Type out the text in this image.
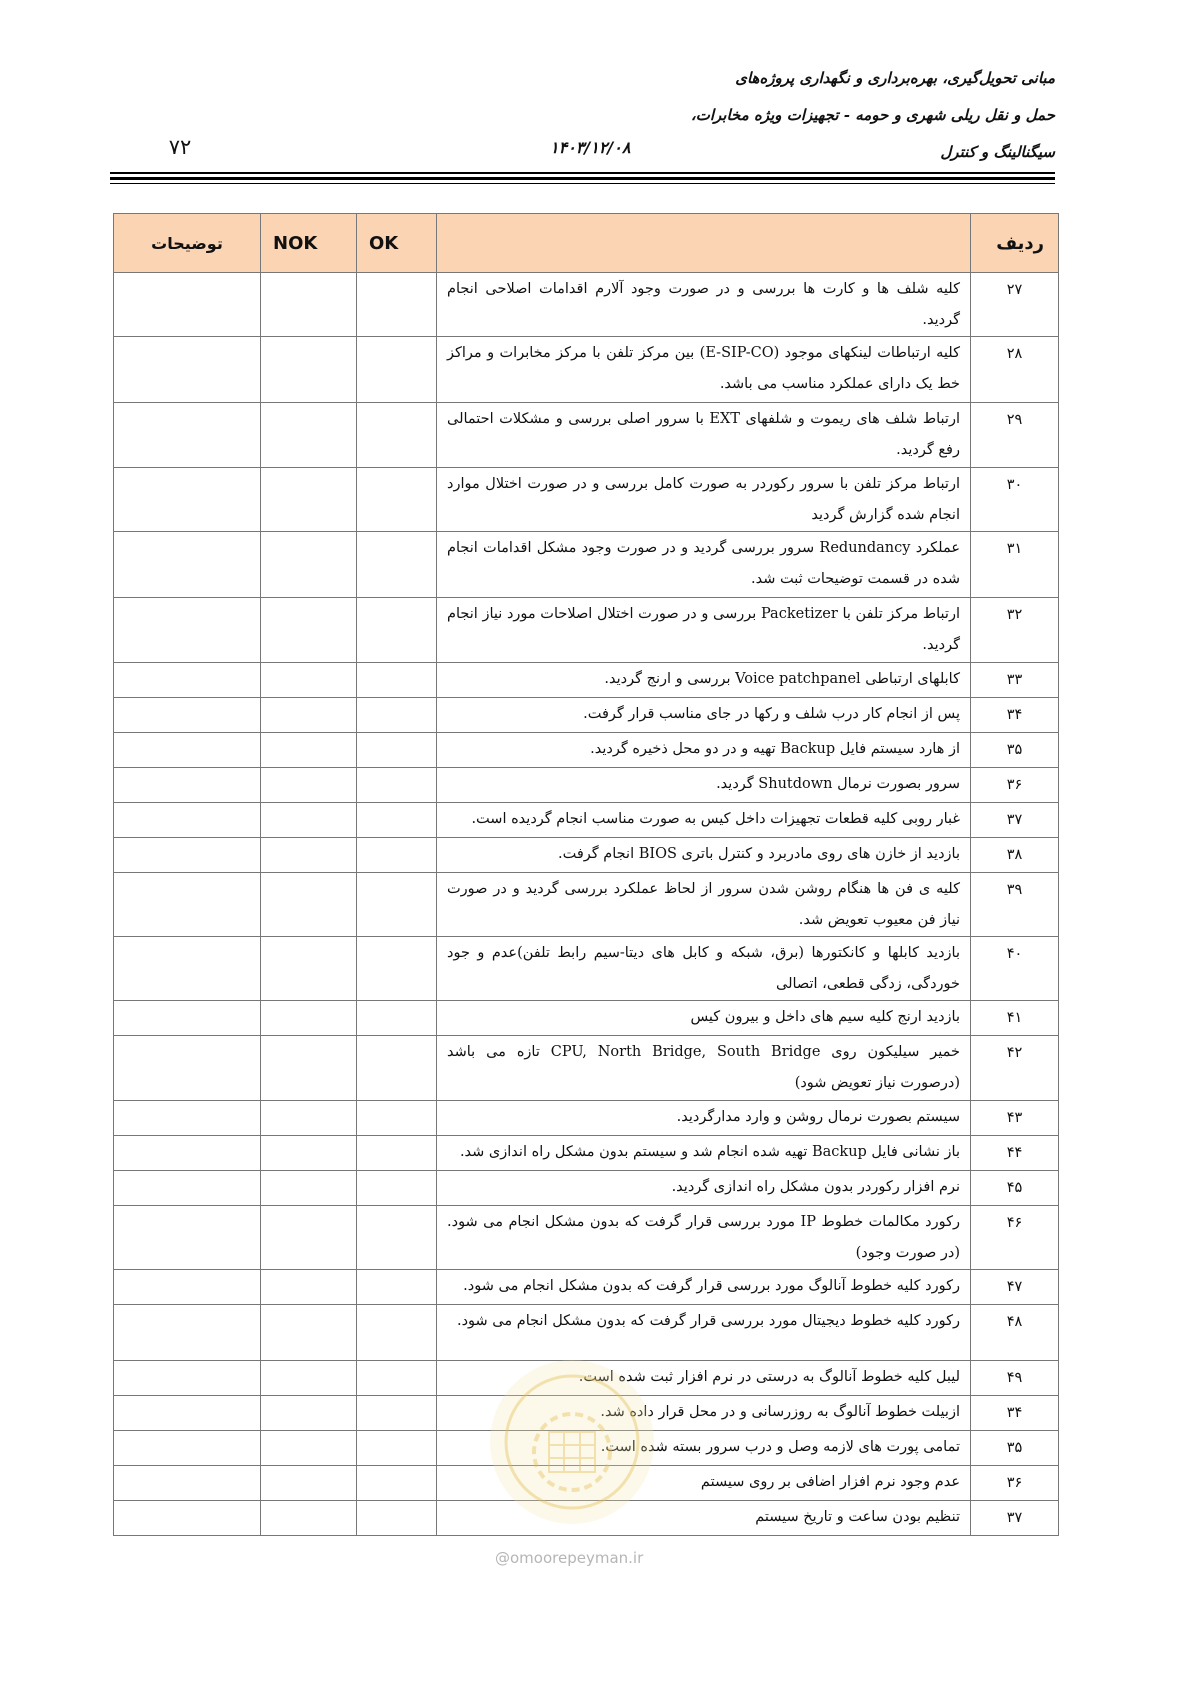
مبانی تحویل‌گیری، بهره‌برداری و نگهداری پروژه‌های
حمل و نقل ریلی شهری و حومه - تجهیزات ویژه مخابرات،
سیگنالینگ و کنترل
۱۴۰۳/۱۲/۰۸
۷۲
ردیف		OK	NOK	توضیحات
۲۷	کلیه شلف ها و کارت ها بررسی و در صورت وجود آلارم اقدامات اصلاحی انجام گردید.			
۲۸	کلیه ارتباطات لینکهای موجود (E-SIP-CO) بین مرکز تلفن با مرکز مخابرات و مراکز خط یک دارای عملکرد مناسب می باشد.			
۲۹	ارتباط شلف های ریموت و شلفهای EXT با سرور اصلی بررسی و مشکلات احتمالی رفع گردید.			
۳۰	ارتباط مرکز تلفن با سرور رکوردر به صورت کامل بررسی و در صورت اختلال موارد انجام شده گزارش گردید			
۳۱	عملکرد Redundancy سرور بررسی گردید و در صورت وجود مشکل اقدامات انجام شده در قسمت توضیحات ثبت شد.			
۳۲	ارتباط مرکز تلفن با Packetizer بررسی و در صورت اختلال اصلاحات مورد نیاز انجام گردید.			
۳۳	کابلهای ارتباطی Voice patchpanel بررسی و ارنج گردید.			
۳۴	پس از انجام کار درب شلف و رکها در جای مناسب قرار گرفت.			
۳۵	از هارد سیستم فایل Backup تهیه و در دو محل ذخیره گردید.			
۳۶	سرور بصورت نرمال Shutdown گردید.			
۳۷	غبار روبی کلیه قطعات تجهیزات داخل کیس به صورت مناسب انجام گردیده است.			
۳۸	بازدید از خازن های روی مادربرد و کنترل باتری BIOS انجام گرفت.			
۳۹	کلیه ی فن ها هنگام روشن شدن سرور از لحاظ عملکرد بررسی گردید و در صورت نیاز فن معیوب تعویض شد.			
۴۰	بازدید کابلها و کانکتورها (برق، شبکه و کابل های دیتا-سیم رابط تلفن)عدم و جود خوردگی، زدگی قطعی، اتصالی			
۴۱	بازدید ارنج کلیه سیم های داخل و بیرون کیس			
۴۲	خمیر سیلیکون روی CPU, North Bridge, South Bridge تازه می باشد (درصورت نیاز تعویض شود)			
۴۳	سیستم بصورت نرمال روشن و وارد مدارگردید.			
۴۴	باز نشانی فایل Backup تهیه شده انجام شد و سیستم بدون مشکل راه اندازی شد.			
۴۵	نرم افزار رکوردر بدون مشکل راه اندازی گردید.			
۴۶	رکورد مکالمات خطوط IP مورد بررسی قرار گرفت که بدون مشکل انجام می شود. (در صورت وجود)			
۴۷	رکورد کلیه خطوط آنالوگ مورد بررسی قرار گرفت که بدون مشکل انجام می شود.			
۴۸	رکورد کلیه خطوط دیجیتال مورد بررسی قرار گرفت که بدون مشکل انجام می شود.			
۴۹	لیبل کلیه خطوط آنالوگ به درستی در نرم افزار ثبت شده است.			
۳۴	ازبیلت خطوط آنالوگ به روزرسانی و در محل قرار داده شد.			
۳۵	تمامی پورت های لازمه وصل و درب سرور بسته شده است.			
۳۶	عدم وجود نرم افزار اضافی بر روی سیستم			
۳۷	تنظیم بودن ساعت و تاریخ سیستم			
@omoorepeyman.ir
